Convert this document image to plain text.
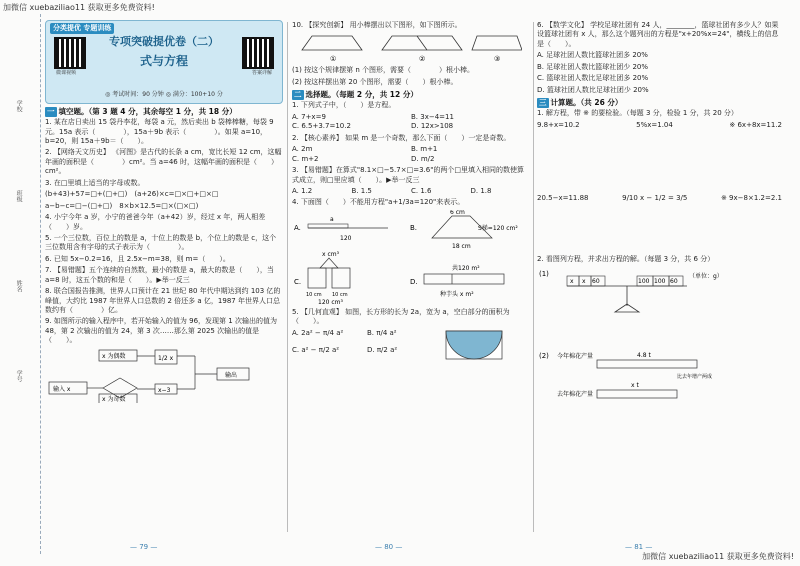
加微信 xuebaziliao11 获取更多免费资料!
加微信 xuebaziliao11 获取更多免费资料!
学校
班级
姓名
学号
分类提优 专题训练
微课视频	答案详解
专项突破提优卷（二）
式与方程
◎ 考试时间：90 分钟 ◎ 满分：100+10 分
一 填空题。（第 3 题 4 分，其余每空 1 分，共 18 分）
1. 某在店日卖出 15 袋丹李花，每袋 a 元，然后卖出 b 袋棒棒糖，每袋 9 元。15a 表示（　　　　），15a＋9b 表示（　　　　）。如果 a=10，b=20，则 15a＋9b＝（　　）。
2. 【网络天文历史】 《河图》是古代的长条 a cm，宽比长短 12 cm，这幅年画的面积是（　　　　）cm²。当 a=46 时，这幅年画的面积是（　　）cm²。
3. 在□里填上适当的字母或数。
(b+43)+57=□+(□+□)　(a+26)×c=□×□+□×□
a−b−c=□−(□+□)　8×b×12.5=□×(□×□)
4. 小宁今年 a 岁，小宁的爸爸今年（a+42）岁，经过 x 年，两人相差（　　）岁。
5. 一个三位数，百位上的数是 a，十位上的数是 b，个位上的数是 c，这个三位数用含有字母的式子表示为（　　　　）。
6. 已知 5x−0.2=16，且 2.5x−m=38，则 m=（　　）。
7. 【易错题】五个连续的自然数，最小的数是 a，最大的数是（　　），当 a=8 时，这五个数的和是（　　）。▶举一反三
8. 联合国报告推测，世界人口预计在 21 世纪 80 年代中期达到约 103 亿的峰值，大约比 1987 年世界人口总数的 2 倍还多 a 亿，1987 年世界人口总数约有（　　　　）亿。
9. 如图所示的输入程序中，若开始输入的值为 96，发现第 1 次输出的值为 48，第 2 次输出的值为 24，第 3 次……那么第 2025 次输出的值是（　　）。
输入 x
x 为偶数
x 为奇数
1/2 x
x−3
输出
10. 【探究创新】 用小棒摆出以下图形，如下图所示。
①	②	③
(1) 按这个规律摆第 n 个图形，需要（　　　　）根小棒。
(2) 按这样摆出第 20 个图形，需要（　　）根小棒。
二 选择题。（每题 2 分，共 12 分）
1. 下列式子中，（　　）是方程。
A. 7+x=9	B. 3x−4=11
C. 6.5+3.7=10.2	D. 12x>108
2. 【核心素养】 如果 m 是一个奇数，那么下面（　　）一定是奇数。
A. 2m	B. m+1
C. m+2	D. m/2
3. 【易错题】在算式"8.1×□−5.7×□=3.6"的两个□里填入相同的数使算式成立，则□里应填（　　）。▶举一反三
A. 1.2	B. 1.5	C. 1.6	D. 1.8
4. 下面图（　　）不能用方程"a+1/3a=120"来表示。
A.
a
120
B.
6 cm
S梯=120 cm²
18 cm
C.
x cm³
10 cm 10 cm
120 cm³
D.
共120 m²
种芋头 x m²
5. 【几何直观】 如图，长方形的长为 2a，宽为 a，空白部分的面积为（　　）。
A. 2a² − π/4 a²	B. π/4 a²
C. a² − π/2 a²	D. π/2 a²
6. 【数学文化】 学校足球社团有 24 人，________，篮球社团有多少人？如果设篮球社团有 x 人，那么这个题列出的方程是"x+20%x=24"，横线上的信息是（　　）。
A. 足球社团人数比篮球社团多 20%
B. 足球社团人数比篮球社团少 20%
C. 篮球社团人数比足球社团多 20%
D. 篮球社团人数比足球社团少 20%
三 计算题。（共 26 分）
1. 解方程，带 ※ 的要检验。（每题 3 分，检验 1 分，共 20 分）
9.8+x=10.2	5%x=1.04	※ 6x+8x=11.2
20.5−x=11.88	9/10 x − 1/2 = 3/5	※ 9x−8×1.2=2.1
2. 看图列方程，并求出方程的解。（每题 3 分，共 6 分）
(1)
x x 60	100 100 60
（单位：g）
(2) 今年棉花产量	4.8 t
比去年增产两成
去年棉花产量
x t
— 79 —	— 80 —	— 81 —
